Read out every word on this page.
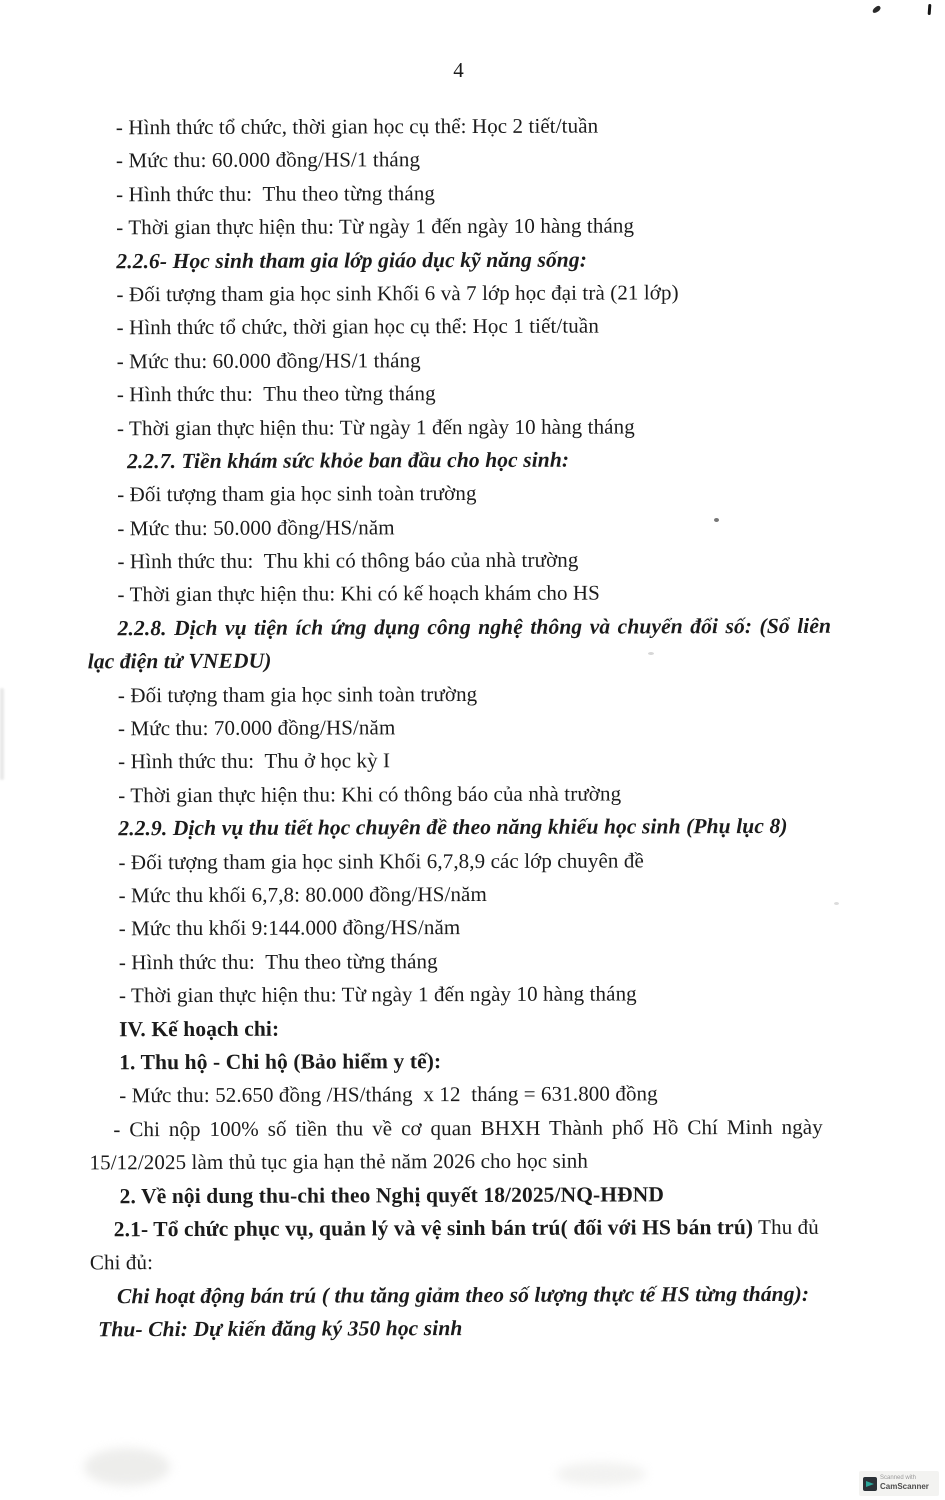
4
- Hình thức tổ chức, thời gian học cụ thể: Học 2 tiết/tuần
- Mức thu: 60.000 đồng/HS/1 tháng
- Hình thức thu:  Thu theo từng tháng
- Thời gian thực hiện thu: Từ ngày 1 đến ngày 10 hàng tháng
2.2.6- Học sinh tham gia lớp giáo dục kỹ năng sống:
- Đối tượng tham gia học sinh Khối 6 và 7 lớp học đại trà (21 lớp)
- Hình thức tổ chức, thời gian học cụ thể: Học 1 tiết/tuần
- Mức thu: 60.000 đồng/HS/1 tháng
- Hình thức thu:  Thu theo từng tháng
- Thời gian thực hiện thu: Từ ngày 1 đến ngày 10 hàng tháng
2.2.7. Tiền khám sức khỏe ban đầu cho học sinh:
- Đối tượng tham gia học sinh toàn trường
- Mức thu: 50.000 đồng/HS/năm
- Hình thức thu:  Thu khi có thông báo của nhà trường
- Thời gian thực hiện thu: Khi có kế hoạch khám cho HS
2.2.8. Dịch vụ tiện ích ứng dụng công nghệ thông và chuyển đổi số: (Sổ liên
lạc điện tử VNEDU)
- Đối tượng tham gia học sinh toàn trường
- Mức thu: 70.000 đồng/HS/năm
- Hình thức thu:  Thu ở học kỳ I
- Thời gian thực hiện thu: Khi có thông báo của nhà trường
2.2.9. Dịch vụ thu tiết học chuyên đề theo năng khiếu học sinh (Phụ lục 8)
- Đối tượng tham gia học sinh Khối 6,7,8,9 các lớp chuyên đề
- Mức thu khối 6,7,8: 80.000 đồng/HS/năm
- Mức thu khối 9:144.000 đồng/HS/năm
- Hình thức thu:  Thu theo từng tháng
- Thời gian thực hiện thu: Từ ngày 1 đến ngày 10 hàng tháng
IV. Kế hoạch chi:
1. Thu hộ - Chi hộ (Bảo hiểm y tế):
- Mức thu: 52.650 đồng /HS/tháng  x 12  tháng = 631.800 đồng
- Chi nộp 100% số tiền thu về cơ quan BHXH Thành phố Hồ Chí Minh ngày
15/12/2025 làm thủ tục gia hạn thẻ năm 2026 cho học sinh
2. Về nội dung thu-chi theo Nghị quyết 18/2025/NQ-HĐND
2.1- Tổ chức phục vụ, quản lý và vệ sinh bán trú( đối với HS bán trú) Thu đủ
Chi đủ:
Chi hoạt động bán trú ( thu tăng giảm theo số lượng thực tế HS từng tháng):
Thu- Chi: Dự kiến đăng ký 350 học sinh
Scanned with
CamScanner
